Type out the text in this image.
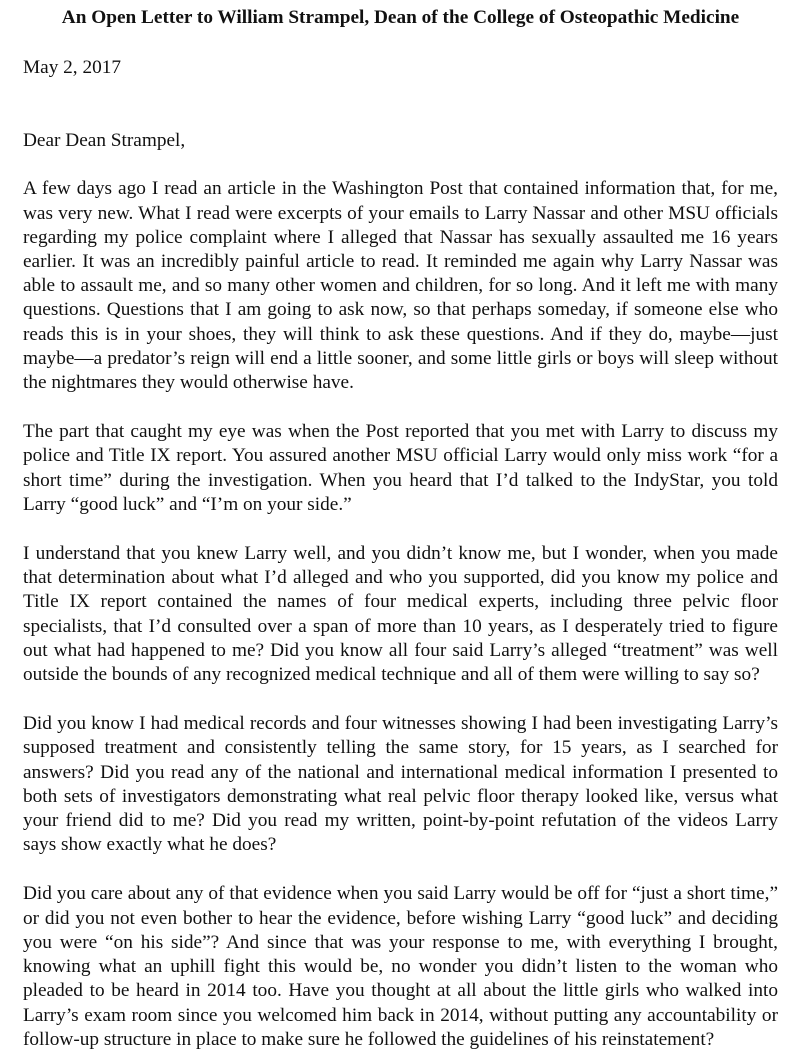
An Open Letter to William Strampel, Dean of the College of Osteopathic Medicine

May 2, 2017

Dear Dean Strampel,

A few days ago I read an article in the Washington Post that contained information that, for me, was very new. What I read were excerpts of your emails to Larry Nassar and other MSU officials regarding my police complaint where I alleged that Nassar has sexually assaulted me 16 years earlier. It was an incredibly painful article to read. It reminded me again why Larry Nassar was able to assault me, and so many other women and children, for so long. And it left me with many questions. Questions that I am going to ask now, so that perhaps someday, if someone else who reads this is in your shoes, they will think to ask these questions. And if they do, maybe—just maybe—a predator’s reign will end a little sooner, and some little girls or boys will sleep without the nightmares they would otherwise have.

The part that caught my eye was when the Post reported that you met with Larry to discuss my police and Title IX report. You assured another MSU official Larry would only miss work “for a short time” during the investigation. When you heard that I’d talked to the IndyStar, you told Larry “good luck” and “I’m on your side.”

I understand that you knew Larry well, and you didn’t know me, but I wonder, when you made that determination about what I’d alleged and who you supported, did you know my police and Title IX report contained the names of four medical experts, including three pelvic floor specialists, that I’d consulted over a span of more than 10 years, as I desperately tried to figure out what had happened to me? Did you know all four said Larry’s alleged “treatment” was well outside the bounds of any recognized medical technique and all of them were willing to say so?

Did you know I had medical records and four witnesses showing I had been investigating Larry’s supposed treatment and consistently telling the same story, for 15 years, as I searched for answers? Did you read any of the national and international medical information I presented to both sets of investigators demonstrating what real pelvic floor therapy looked like, versus what your friend did to me? Did you read my written, point-by-point refutation of the videos Larry says show exactly what he does?

Did you care about any of that evidence when you said Larry would be off for “just a short time,” or did you not even bother to hear the evidence, before wishing Larry “good luck” and deciding you were “on his side”? And since that was your response to me, with everything I brought, knowing what an uphill fight this would be, no wonder you didn’t listen to the woman who pleaded to be heard in 2014 too. Have you thought at all about the little girls who walked into Larry’s exam room since you welcomed him back in 2014, without putting any accountability or follow-up structure in place to make sure he followed the guidelines of his reinstatement?
